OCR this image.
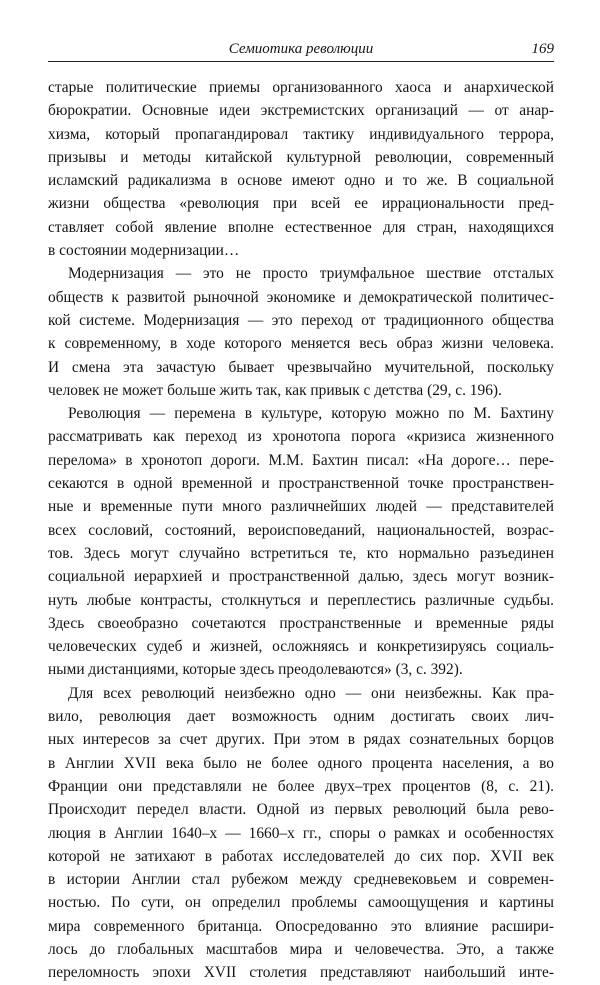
Семиотика революции	169
старые политические приемы организованного хаоса и анархической
бюрократии. Основные идеи экстремистских организаций — от анар-
хизма, который пропагандировал тактику индивидуального террора,
призывы и методы китайской культурной революции, современный
исламский радикализма в основе имеют одно и то же. В социальной
жизни общества «революция при всей ее иррациональности пред-
ставляет собой явление вполне естественное для стран, находящихся
в состоянии модернизации…
Модернизация — это не просто триумфальное шествие отсталых
обществ к развитой рыночной экономике и демократической политичес-
кой системе. Модернизация — это переход от традиционного общества
к современному, в ходе которого меняется весь образ жизни человека.
И смена эта зачастую бывает чрезвычайно мучительной, поскольку
человек не может больше жить так, как привык с детства (29, с. 196).
Революция — перемена в культуре, которую можно по М. Бахтину
рассматривать как переход из хронотопа порога «кризиса жизненного
перелома» в хронотоп дороги. М.М. Бахтин писал: «На дороге… пере-
секаются в одной временной и пространственной точке пространствен-
ные и временные пути много различнейших людей — представителей
всех сословий, состояний, вероисповеданий, национальностей, возрас-
тов. Здесь могут случайно встретиться те, кто нормально разъединен
социальной иерархией и пространственной далью, здесь могут возник-
нуть любые контрасты, столкнуться и переплестись различные судьбы.
Здесь своеобразно сочетаются пространственные и временные ряды
человеческих судеб и жизней, осложняясь и конкретизируясь социаль-
ными дистанциями, которые здесь преодолеваются» (3, с. 392).
Для всех революций неизбежно одно — они неизбежны. Как пра-
вило, революция дает возможность одним достигать своих лич-
ных интересов за счет других. При этом в рядах сознательных борцов
в Англии XVII века было не более одного процента населения, а во
Франции они представляли не более двух–трех процентов (8, с. 21).
Происходит передел власти. Одной из первых революций была рево-
люция в Англии 1640–х — 1660–х гг., споры о рамках и особенностях
которой не затихают в работах исследователей до сих пор. XVII век
в истории Англии стал рубежом между средневековьем и современ-
ностью. По сути, он определил проблемы самоощущения и картины
мира современного британца. Опосредованно это влияние расшири-
лось до глобальных масштабов мира и человечества. Это, а также
переломность эпохи XVII столетия представляют наибольший инте-
